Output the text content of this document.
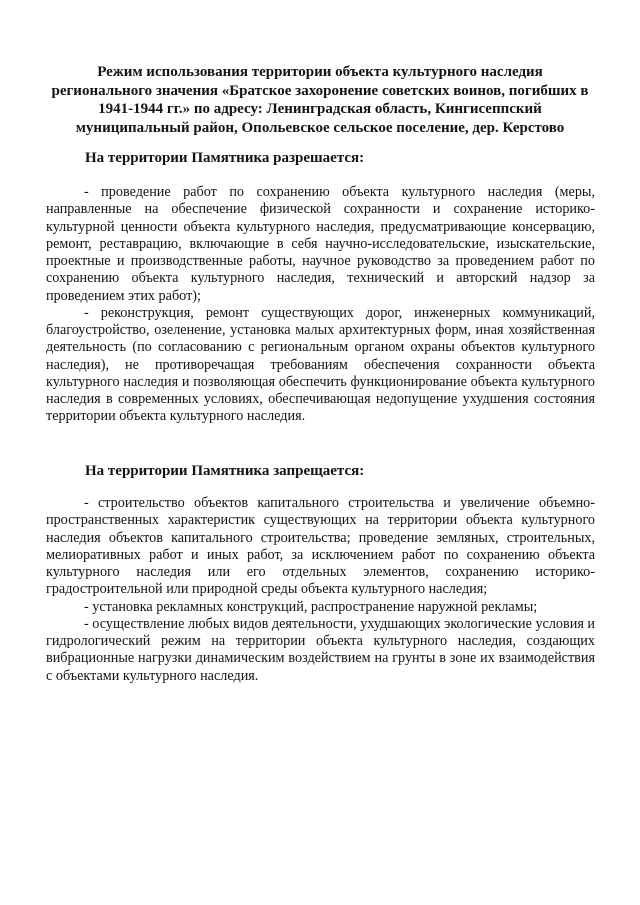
Режим использования территории объекта культурного наследия регионального значения «Братское захоронение советских воинов, погибших в 1941-1944 гг.» по адресу: Ленинградская область, Кингисеппский муниципальный район, Опольевское сельское поселение, дер. Керстово

На территории Памятника разрешается:

- проведение работ по сохранению объекта культурного наследия (меры, направленные на обеспечение физической сохранности и сохранение историко-культурной ценности объекта культурного наследия, предусматривающие консервацию, ремонт, реставрацию, включающие в себя научно-исследовательские, изыскательские, проектные и производственные работы, научное руководство за проведением работ по сохранению объекта культурного наследия, технический и авторский надзор за проведением этих работ);

- реконструкция, ремонт существующих дорог, инженерных коммуникаций, благоустройство, озеленение, установка малых архитектурных форм, иная хозяйственная деятельность (по согласованию с региональным органом охраны объектов культурного наследия), не противоречащая требованиям обеспечения сохранности объекта культурного наследия и позволяющая обеспечить функционирование объекта культурного наследия в современных условиях, обеспечивающая недопущение ухудшения состояния территории объекта культурного наследия.

На территории Памятника запрещается:

- строительство объектов капитального строительства и увеличение объемно-пространственных характеристик существующих на территории объекта культурного наследия объектов капитального строительства; проведение земляных, строительных, мелиоративных работ и иных работ, за исключением работ по сохранению объекта культурного наследия или его отдельных элементов, сохранению историко-градостроительной или природной среды объекта культурного наследия;

- установка рекламных конструкций, распространение наружной рекламы;

- осуществление любых видов деятельности, ухудшающих экологические условия и гидрологический режим на территории объекта культурного наследия, создающих вибрационные нагрузки динамическим воздействием на грунты в зоне их взаимодействия с объектами культурного наследия.
